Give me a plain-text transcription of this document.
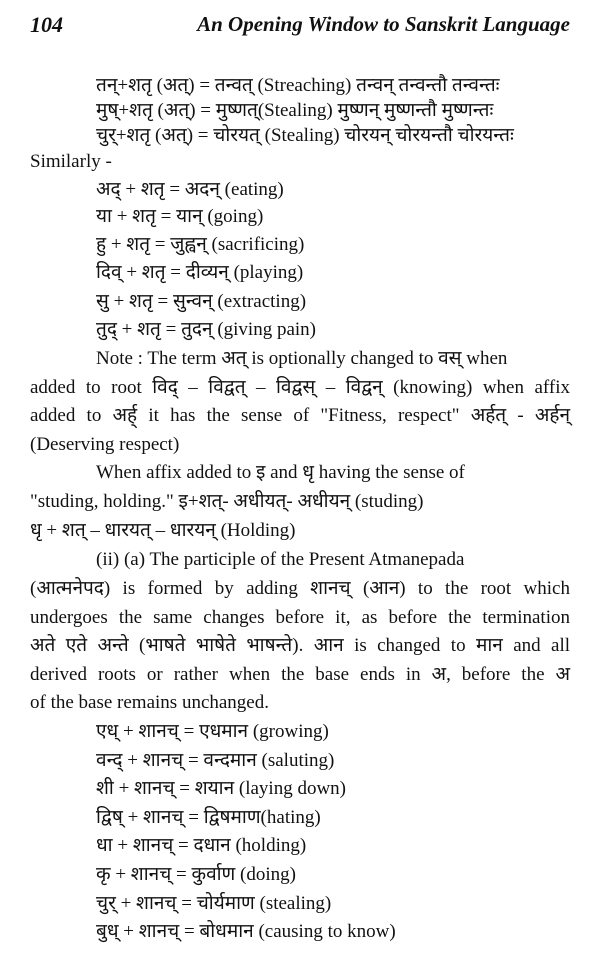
104	An Opening Window to Sanskrit Language
तन्+शतृ (अत्) = तन्वत् (Streaching) तन्वन् तन्वन्तौ तन्वन्तः
मुष्+शतृ (अत्) = मुष्णत्(Stealing) मुष्णन् मुष्णन्तौ मुष्णन्तः
चुर्+शतृ (अत्) = चोरयत् (Stealing) चोरयन् चोरयन्तौ चोरयन्तः
Similarly -
अद् + शतृ = अदन् (eating)
या + शतृ = यान् (going)
हु + शतृ = जुह्वन् (sacrificing)
दिव् + शतृ = दीव्यन् (playing)
सु + शतृ = सुन्वन् (extracting)
तुद् + शतृ = तुदन् (giving pain)
Note : The term अत् is optionally changed to वस् when
added to root विद् – विद्वत् – विद्वस् – विद्वन् (knowing) when affix
added to अर्ह् it has the sense of "Fitness, respect" अर्हत् - अर्हन्
(Deserving respect)
When affix added to इ and धृ having the sense of
"studing, holding." इ+शत्- अधीयत्- अधीयन् (studing)
धृ + शत् – धारयत् – धारयन् (Holding)
(ii) (a) The participle of the Present Atmanepada
(आत्मनेपद) is formed by adding शानच् (आन) to the root which
undergoes the same changes before it, as before the termination
अते एते अन्ते (भाषते भाषेते भाषन्ते). आन is changed to मान and all
derived roots or rather when the base ends in अ, before the अ
of the base remains unchanged.
एध् + शानच् = एधमान (growing)
वन्द् + शानच् = वन्दमान (saluting)
शी + शानच् = शयान (laying down)
द्विष् + शानच् = द्विषमाण(hating)
धा + शानच् = दधान (holding)
कृ + शानच् = कुर्वाण (doing)
चुर् + शानच् = चोर्यमाण (stealing)
बुध् + शानच् = बोधमान (causing to know)
